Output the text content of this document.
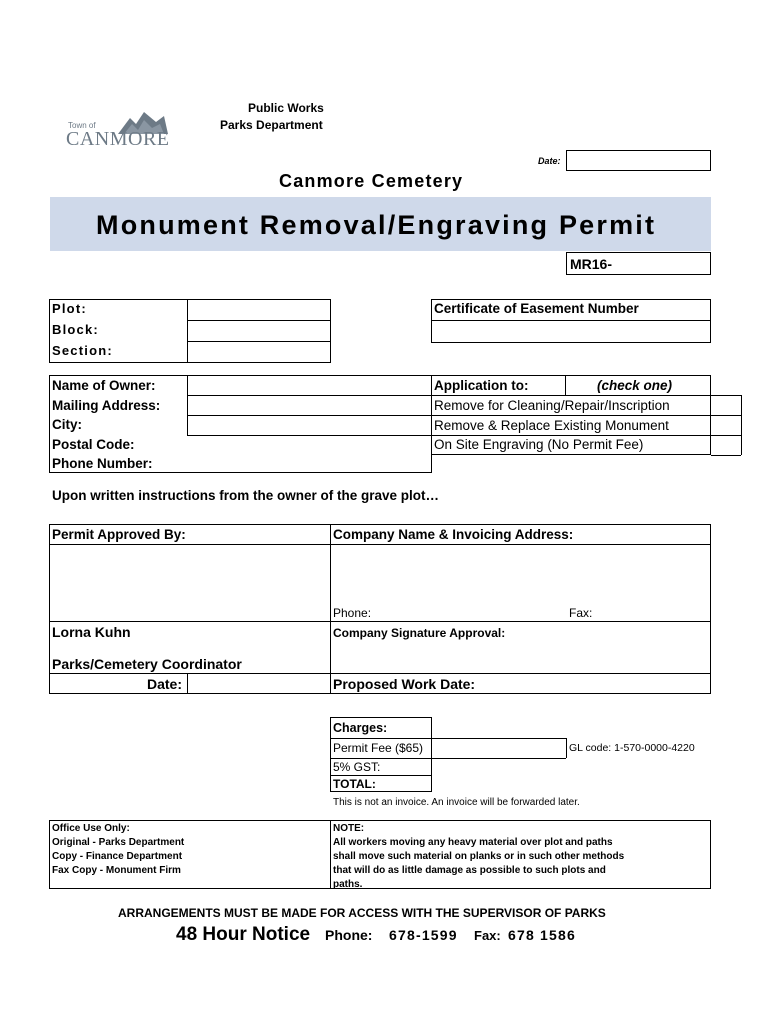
Town of
CANMORE
Public Works
Parks Department
Date:
Canmore Cemetery
Monument Removal/Engraving Permit
MR16-
Plot:
Block:
Section:
Certificate of Easement Number
Name of Owner:
Mailing Address:
City:
Postal Code:
Phone Number:
Application to:	(check one)
Remove for Cleaning/Repair/Inscription
Remove & Replace Existing Monument
On Site Engraving (No Permit Fee)
Upon written instructions from the owner of the grave plot…
Permit Approved By:	Company Name & Invoicing Address:
Phone:	Fax:
Lorna Kuhn	Company Signature Approval:
Parks/Cemetery Coordinator
Date:	Proposed Work Date:
Charges:
Permit Fee ($65)	GL code: 1-570-0000-4220
5% GST:
TOTAL:
This is not an invoice. An invoice will be forwarded later.
Office Use Only:
Original - Parks Department
Copy - Finance Department
Fax Copy - Monument Firm
NOTE:
All workers moving any heavy material over plot and paths
shall move such material on planks or in such other methods
that will do as little damage as possible to such plots and
paths.
ARRANGEMENTS MUST BE MADE FOR ACCESS WITH THE SUPERVISOR OF PARKS
48 Hour Notice Phone: 678-1599 Fax: 678 1586
